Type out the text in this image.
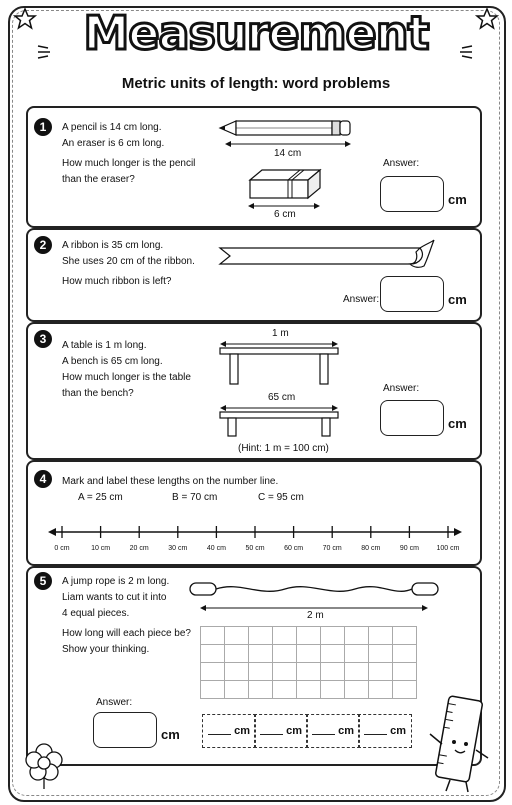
Measurement
Metric units of length: word problems
1	A pencil is 14 cm long.
An eraser is 6 cm long.
How much longer is the pencil
than the eraser?
14 cm
6 cm
Answer:
cm
2	A ribbon is 35 cm long.
She uses 20 cm of the ribbon.
How much ribbon is left?
Answer:	cm
3	A table is 1 m long.
A bench is 65 cm long.
How much longer is the table
than the bench?
1 m
65 cm
(Hint: 1 m = 100 cm)
Answer:
cm
4	Mark and label these lengths on the number line.
A = 25 cm	B = 70 cm	C = 95 cm
0 cm	10 cm	20 cm	30 cm	40 cm	50 cm	60 cm	70 cm	80 cm	90 cm	100 cm
5	A jump rope is 2 m long.
Liam wants to cut it into
4 equal pieces.
How long will each piece be?
Show your thinking.
2 m
Answer:
cm	cm	cm	cm	cm
